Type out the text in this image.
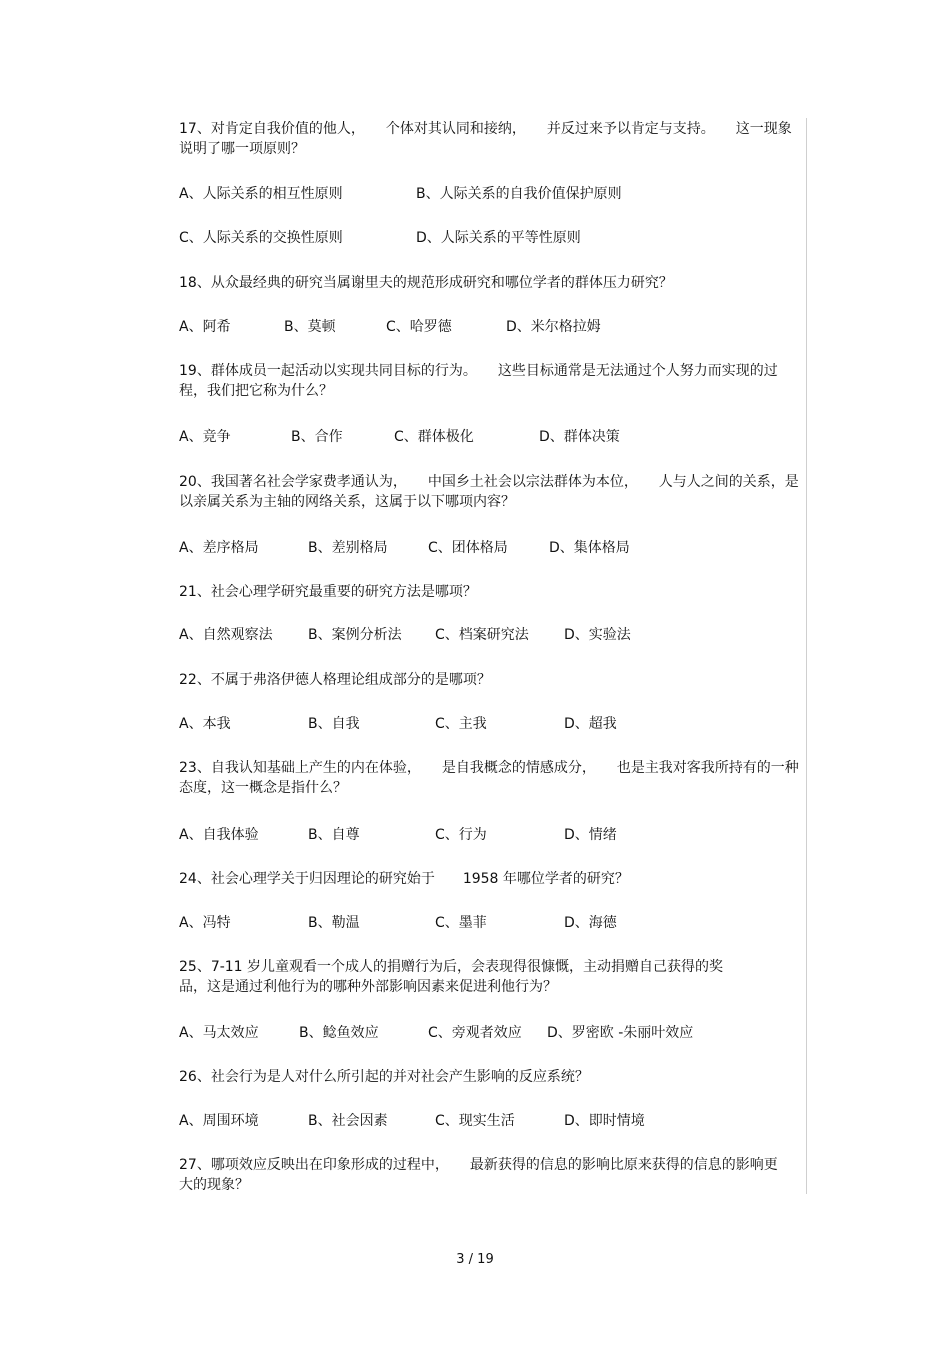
17、对肯定自我价值的他人，　　个体对其认同和接纳，　　并反过来予以肯定与支持。　　这一现象说明了哪一项原则？

A、人际关系的相互性原则	B、人际关系的自我价值保护原则
C、人际关系的交换性原则	D、人际关系的平等性原则

18、从众最经典的研究当属谢里夫的规范形成研究和哪位学者的群体压力研究？

A、阿希	B、莫顿	C、哈罗德	D、米尔格拉姆

19、群体成员一起活动以实现共同目标的行为。　　这些目标通常是无法通过个人努力而实现的过程，我们把它称为什么？

A、竞争	B、合作	C、群体极化	D、群体决策

20、我国著名社会学家费孝通认为，　　中国乡土社会以宗法群体为本位，　　人与人之间的关系，是以亲属关系为主轴的网络关系，这属于以下哪项内容？

A、差序格局	B、差别格局	C、团体格局	D、集体格局

21、社会心理学研究最重要的研究方法是哪项？

A、自然观察法	B、案例分析法 C、档案研究法	D、实验法

22、不属于弗洛伊德人格理论组成部分的是哪项？

A、本我	B、自我	C、主我	D、超我

23、自我认知基础上产生的内在体验，　　是自我概念的情感成分，　　也是主我对客我所持有的一种态度，这一概念是指什么？

A、自我体验	B、自尊	C、行为	D、情绪

24、社会心理学关于归因理论的研究始于　　1958 年哪位学者的研究？

A、冯特	B、勒温	C、墨菲	D、海德

25、7-11 岁儿童观看一个成人的捐赠行为后，会表现得很慷慨，主动捐赠自己获得的奖品，这是通过利他行为的哪种外部影响因素来促进利他行为？

A、马太效应	B、鲶鱼效应	C、旁观者效应 D、罗密欧 -朱丽叶效应

26、社会行为是人对什么所引起的并对社会产生影响的反应系统？

A、周围环境	B、社会因素	C、现实生活	D、即时情境

27、哪项效应反映出在印象形成的过程中，　　最新获得的信息的影响比原来获得的信息的影响更大的现象？

3 / 19
